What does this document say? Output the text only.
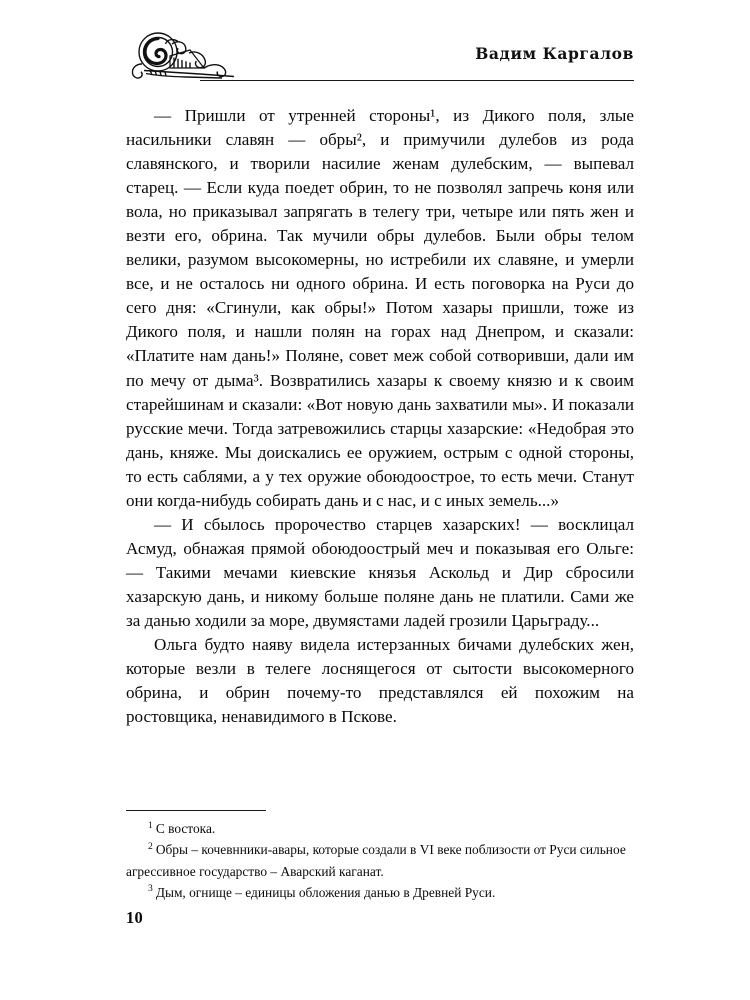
Вадим Каргалов

— Пришли от утренней стороны¹, из Дикого поля, злые насильники славян — обры², и примучили дулебов из рода славянского, и творили насилие женам дулебским, — выпевал старец. — Если куда поедет обрин, то не позволял запречь коня или вола, но приказывал запрягать в телегу три, четыре или пять жен и везти его, обрина. Так мучили обры дулебов. Были обры телом велики, разумом высокомерны, но истребили их славяне, и умерли все, и не осталось ни одного обрина. И есть поговорка на Руси до сего дня: «Сгинули, как обры!» Потом хазары пришли, тоже из Дикого поля, и нашли полян на горах над Днепром, и сказали: «Платите нам дань!» Поляне, совет меж собой сотворивши, дали им по мечу от дыма³. Возвратились хазары к своему князю и к своим старейшинам и сказали: «Вот новую дань захватили мы». И показали русские мечи. Тогда затревожились старцы хазарские: «Недобрая это дань, княже. Мы доискались ее оружием, острым с одной стороны, то есть саблями, а у тех оружие обоюдоострое, то есть мечи. Станут они когда-нибудь собирать дань и с нас, и с иных земель...»

— И сбылось пророчество старцев хазарских! — восклицал Асмуд, обнажая прямой обоюдоострый меч и показывая его Ольге: — Такими мечами киевские князья Аскольд и Дир сбросили хазарскую дань, и никому больше поляне дань не платили. Сами же за данью ходили за море, двумястами ладей грозили Царьграду...

Ольга будто наяву видела истерзанных бичами дулебских жен, которые везли в телеге лоснящегося от сытости высокомерного обрина, и обрин почему-то представлялся ей похожим на ростовщика, ненавидимого в Пскове.

$^1$ С востока.

$^2$ Обры – кочевнники-авары, которые создали в VI веке поблизости от Руси сильное агрессивное государство – Аварский каганат.

$^3$ Дым, огнище – единицы обложения данью в Древней Руси.

10
